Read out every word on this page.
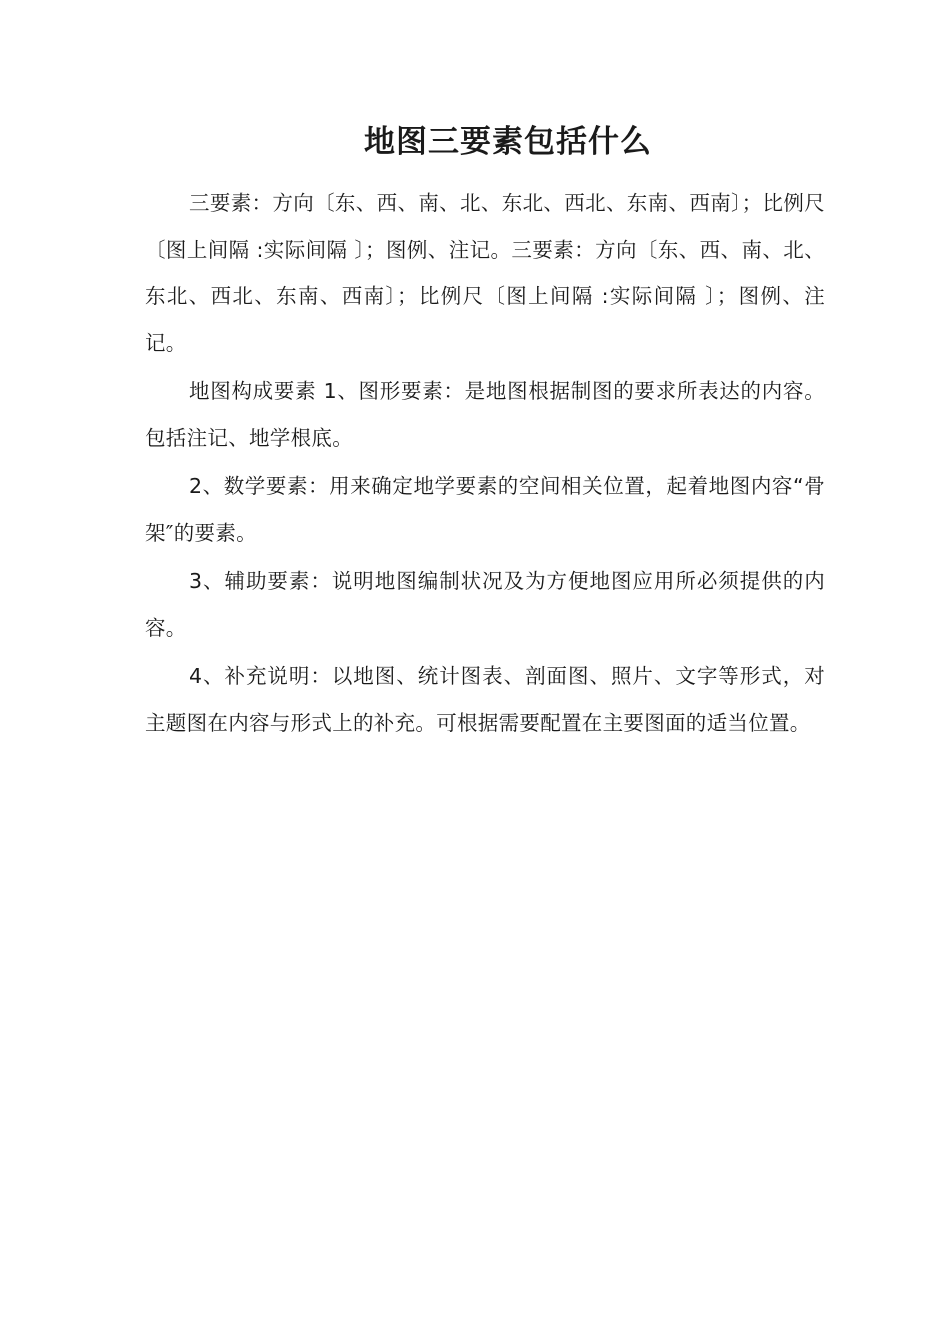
地图三要素包括什么

三要素：方向〔东、西、南、北、东北、西北、东南、西南〕；比例尺〔图上间隔 :实际间隔 〕；图例、注记。三要素：方向〔东、西、南、北、东北、西北、东南、西南〕；比例尺〔图上间隔 :实际间隔 〕；图例、注记。

地图构成要素 1、图形要素：是地图根据制图的要求所表达的内容。包括注记、地学根底。

2、数学要素：用来确定地学要素的空间相关位置，起着地图内容“骨架″的要素。

3、辅助要素：说明地图编制状况及为方便地图应用所必须提供的内容。

4、补充说明：以地图、统计图表、剖面图、照片、文字等形式，对主题图在内容与形式上的补充。可根据需要配置在主要图面的适当位置。
